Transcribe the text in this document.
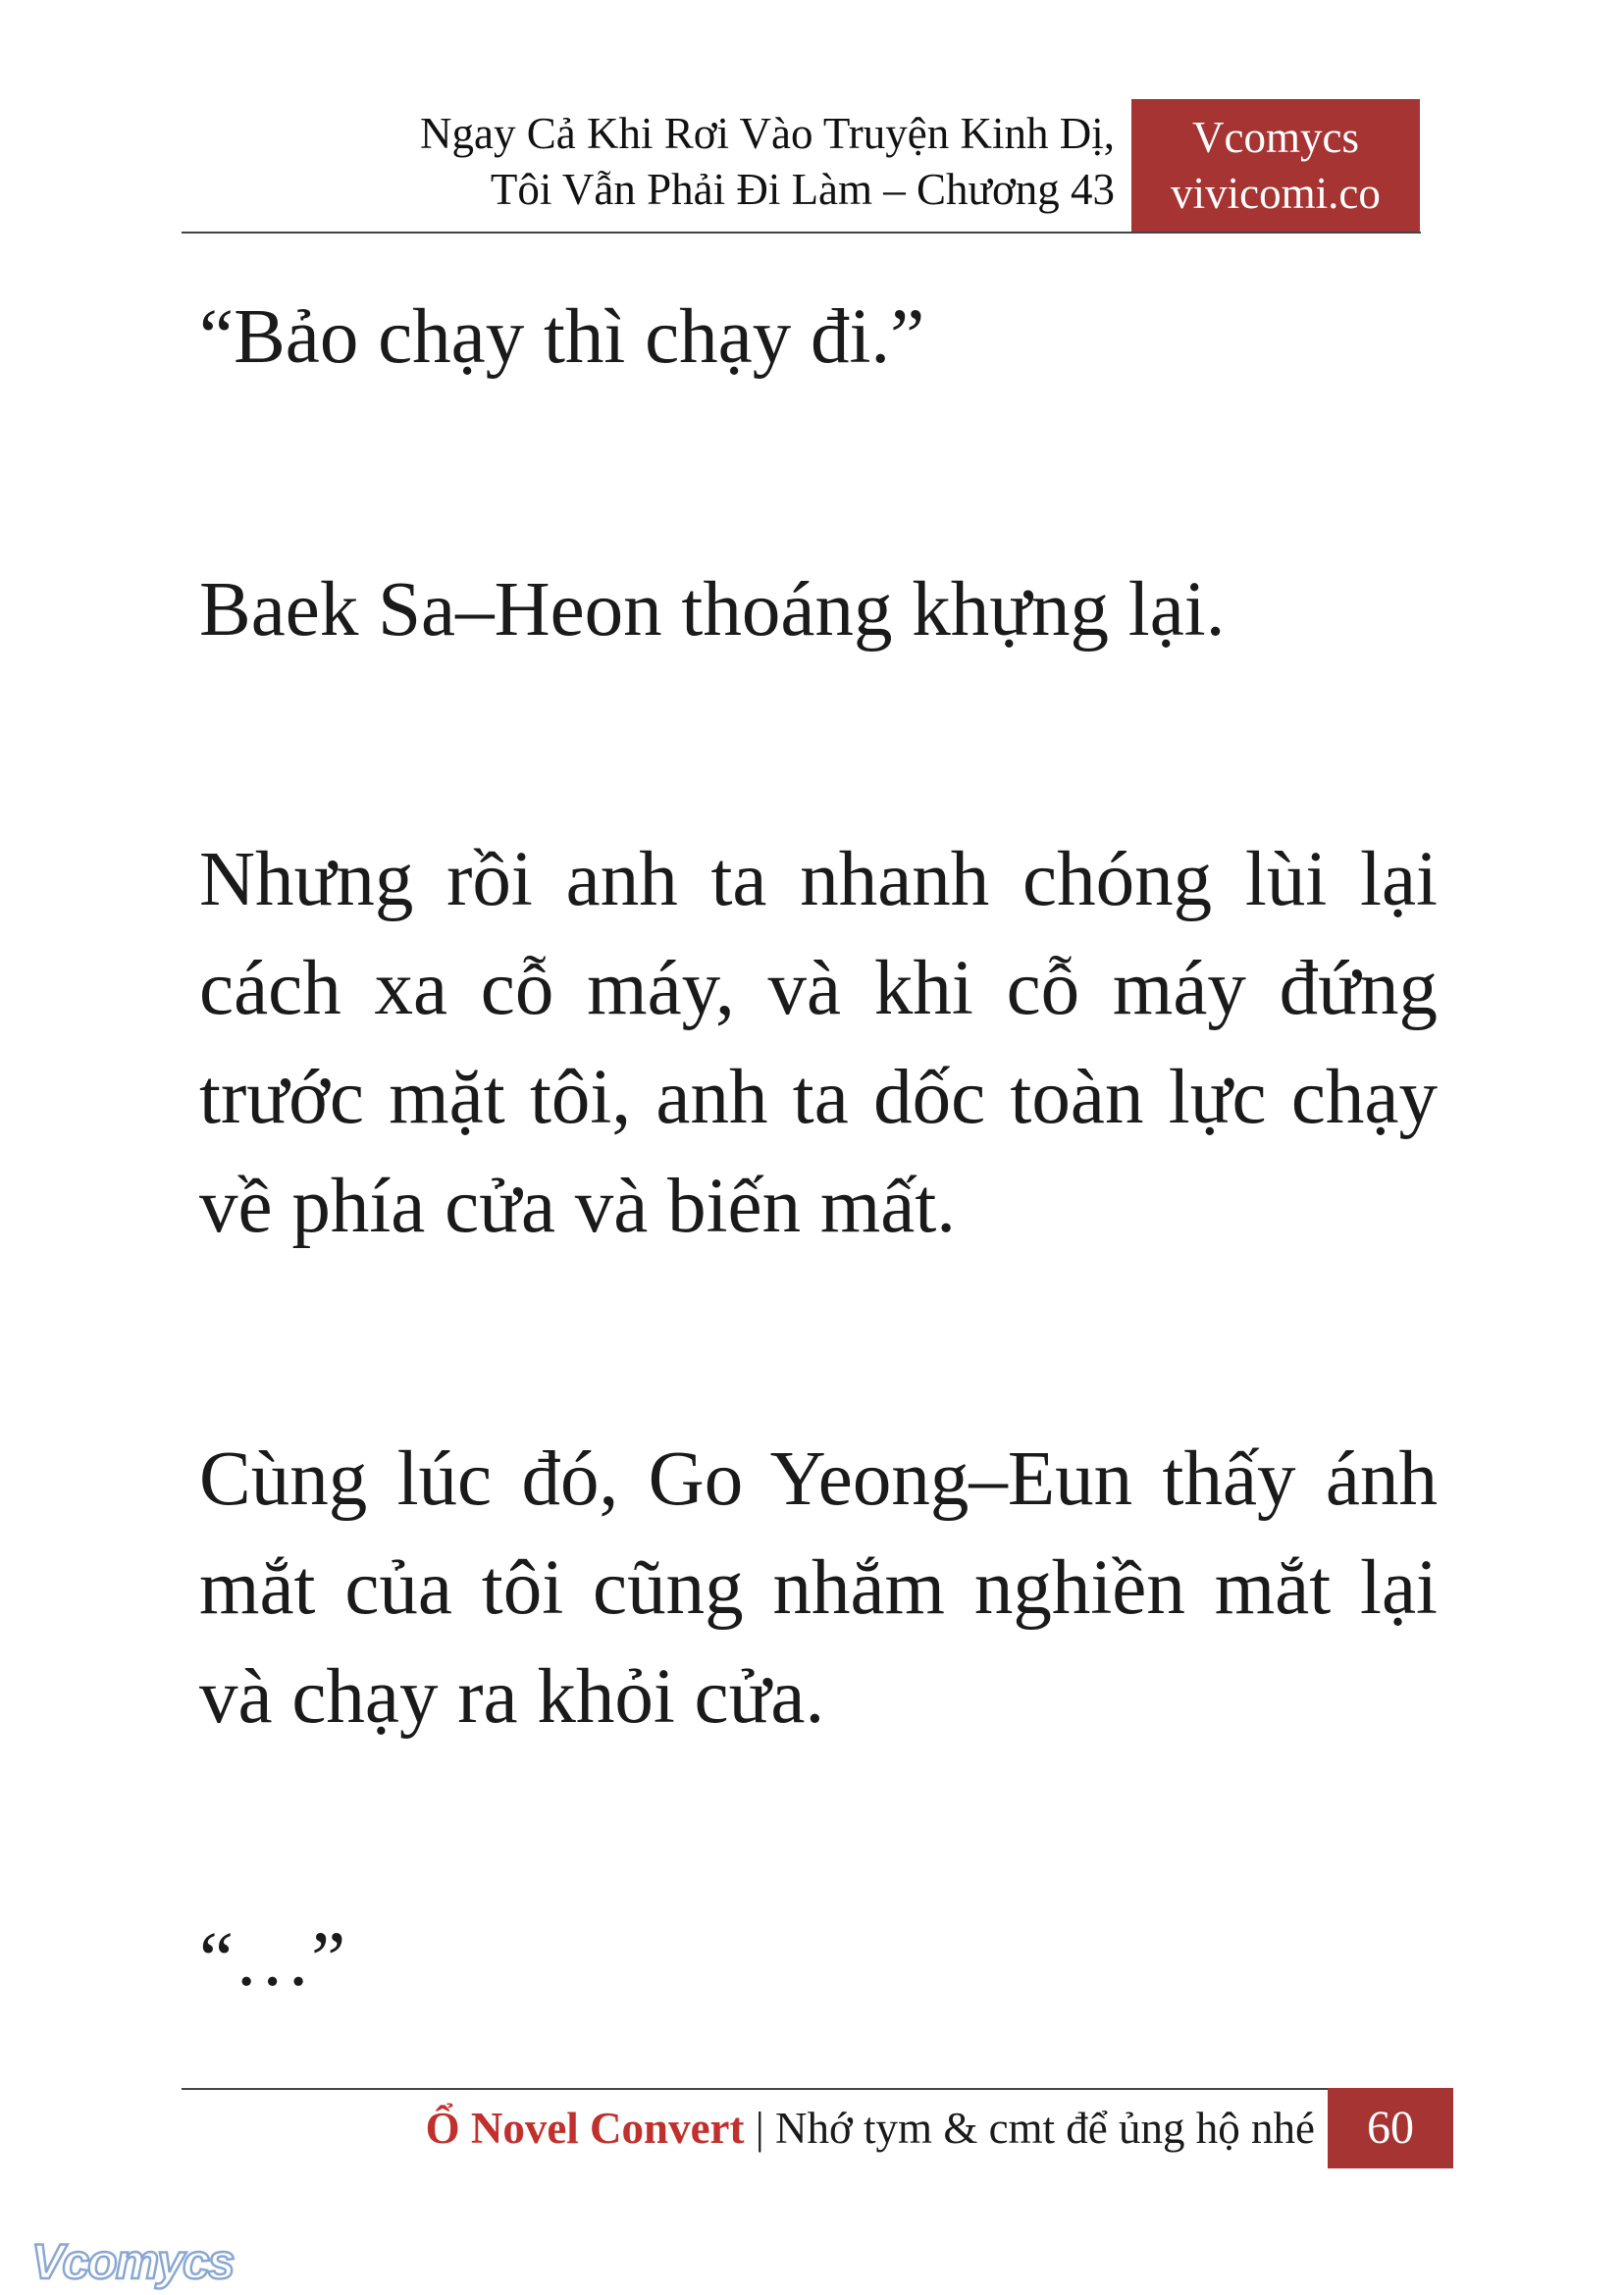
Ngay Cả Khi Rơi Vào Truyện Kinh Dị,
Tôi Vẫn Phải Đi Làm – Chương 43
Vcomycs
vivicomi.co

“Bảo chạy thì chạy đi.”

Baek Sa–Heon thoáng khựng lại.

Nhưng rồi anh ta nhanh chóng lùi lại cách xa cỗ máy, và khi cỗ máy đứng trước mặt tôi, anh ta dốc toàn lực chạy về phía cửa và biến mất.

Cùng lúc đó, Go Yeong–Eun thấy ánh mắt của tôi cũng nhắm nghiền mắt lại và chạy ra khỏi cửa.

“…”

Ổ Novel Convert | Nhớ tym & cmt để ủng hộ nhé	60
Vcomycs
